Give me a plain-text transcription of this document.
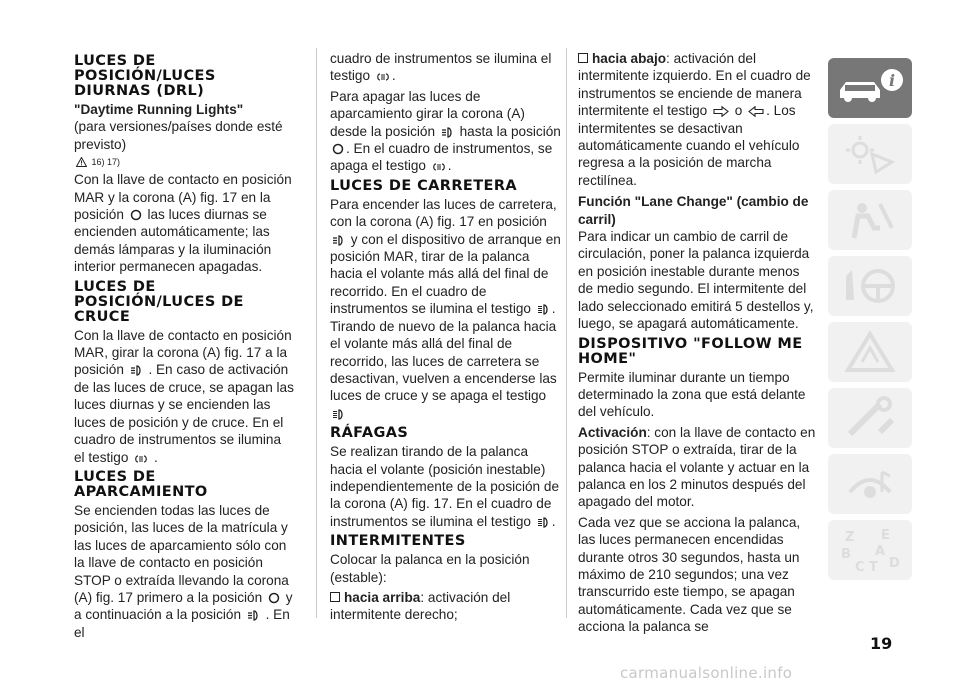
LUCES DE POSICIÓN/LUCES DIURNAS (DRL)
"Daytime Running Lights"

(para versiones/países donde esté previsto)

16) 17)

Con la llave de contacto en posición MAR y la corona (A) fig. 17 en la posición las luces diurnas se encienden automáticamente; las demás lámparas y la iluminación interior permanecen apagadas.

LUCES DE POSICIÓN/LUCES DE CRUCE

Con la llave de contacto en posición MAR, girar la corona (A) fig. 17 a la posición . En caso de activación de las luces de cruce, se apagan las luces diurnas y se encienden las luces de posición y de cruce. En el cuadro de instrumentos se ilumina el testigo .

LUCES DE APARCAMIENTO

Se encienden todas las luces de posición, las luces de la matrícula y las luces de aparcamiento sólo con la llave de contacto en posición STOP o extraída llevando la corona (A) fig. 17 primero a la posición y a continuación a la posición . En el

cuadro de instrumentos se ilumina el testigo .

Para apagar las luces de aparcamiento girar la corona (A) desde la posición hasta la posición . En el cuadro de instrumentos, se apaga el testigo .

LUCES DE CARRETERA

Para encender las luces de carretera, con la corona (A) fig. 17 en posición  y con el dispositivo de arranque en posición MAR, tirar de la palanca hacia el volante más allá del final de recorrido. En el cuadro de instrumentos se ilumina el testigo . Tirando de nuevo de la palanca hacia el volante más allá del final de recorrido, las luces de carretera se desactivan, vuelven a encenderse las luces de cruce y se apaga el testigo

RÁFAGAS

Se realizan tirando de la palanca hacia el volante (posición inestable) independientemente de la posición de la corona (A) fig. 17. En el cuadro de instrumentos se ilumina el testigo .

INTERMITENTES

Colocar la palanca en la posición (estable):

hacia arriba: activación del intermitente derecho;

hacia abajo: activación del intermitente izquierdo. En el cuadro de instrumentos se enciende de manera intermitente el testigo o . Los intermitentes se desactivan automáticamente cuando el vehículo regresa a la posición de marcha rectilínea.

Función "Lane Change" (cambio de carril)

Para indicar un cambio de carril de circulación, poner la palanca izquierda en posición inestable durante menos de medio segundo. El intermitente del lado seleccionado emitirá 5 destellos y, luego, se apagará automáticamente.

DISPOSITIVO "FOLLOW ME HOME"

Permite iluminar durante un tiempo determinado la zona que está delante del vehículo.

Activación: con la llave de contacto en posición STOP o extraída, tirar de la palanca hacia el volante y actuar en la palanca en los 2 minutos después del apagado del motor.

Cada vez que se acciona la palanca, las luces permanecen encendidas durante otros 30 segundos, hasta un máximo de 210 segundos; una vez transcurrido este tiempo, se apagan automáticamente. Cada vez que se acciona la palanca se

i
Z E
B A
C T D
19
carmanualsonline.info
